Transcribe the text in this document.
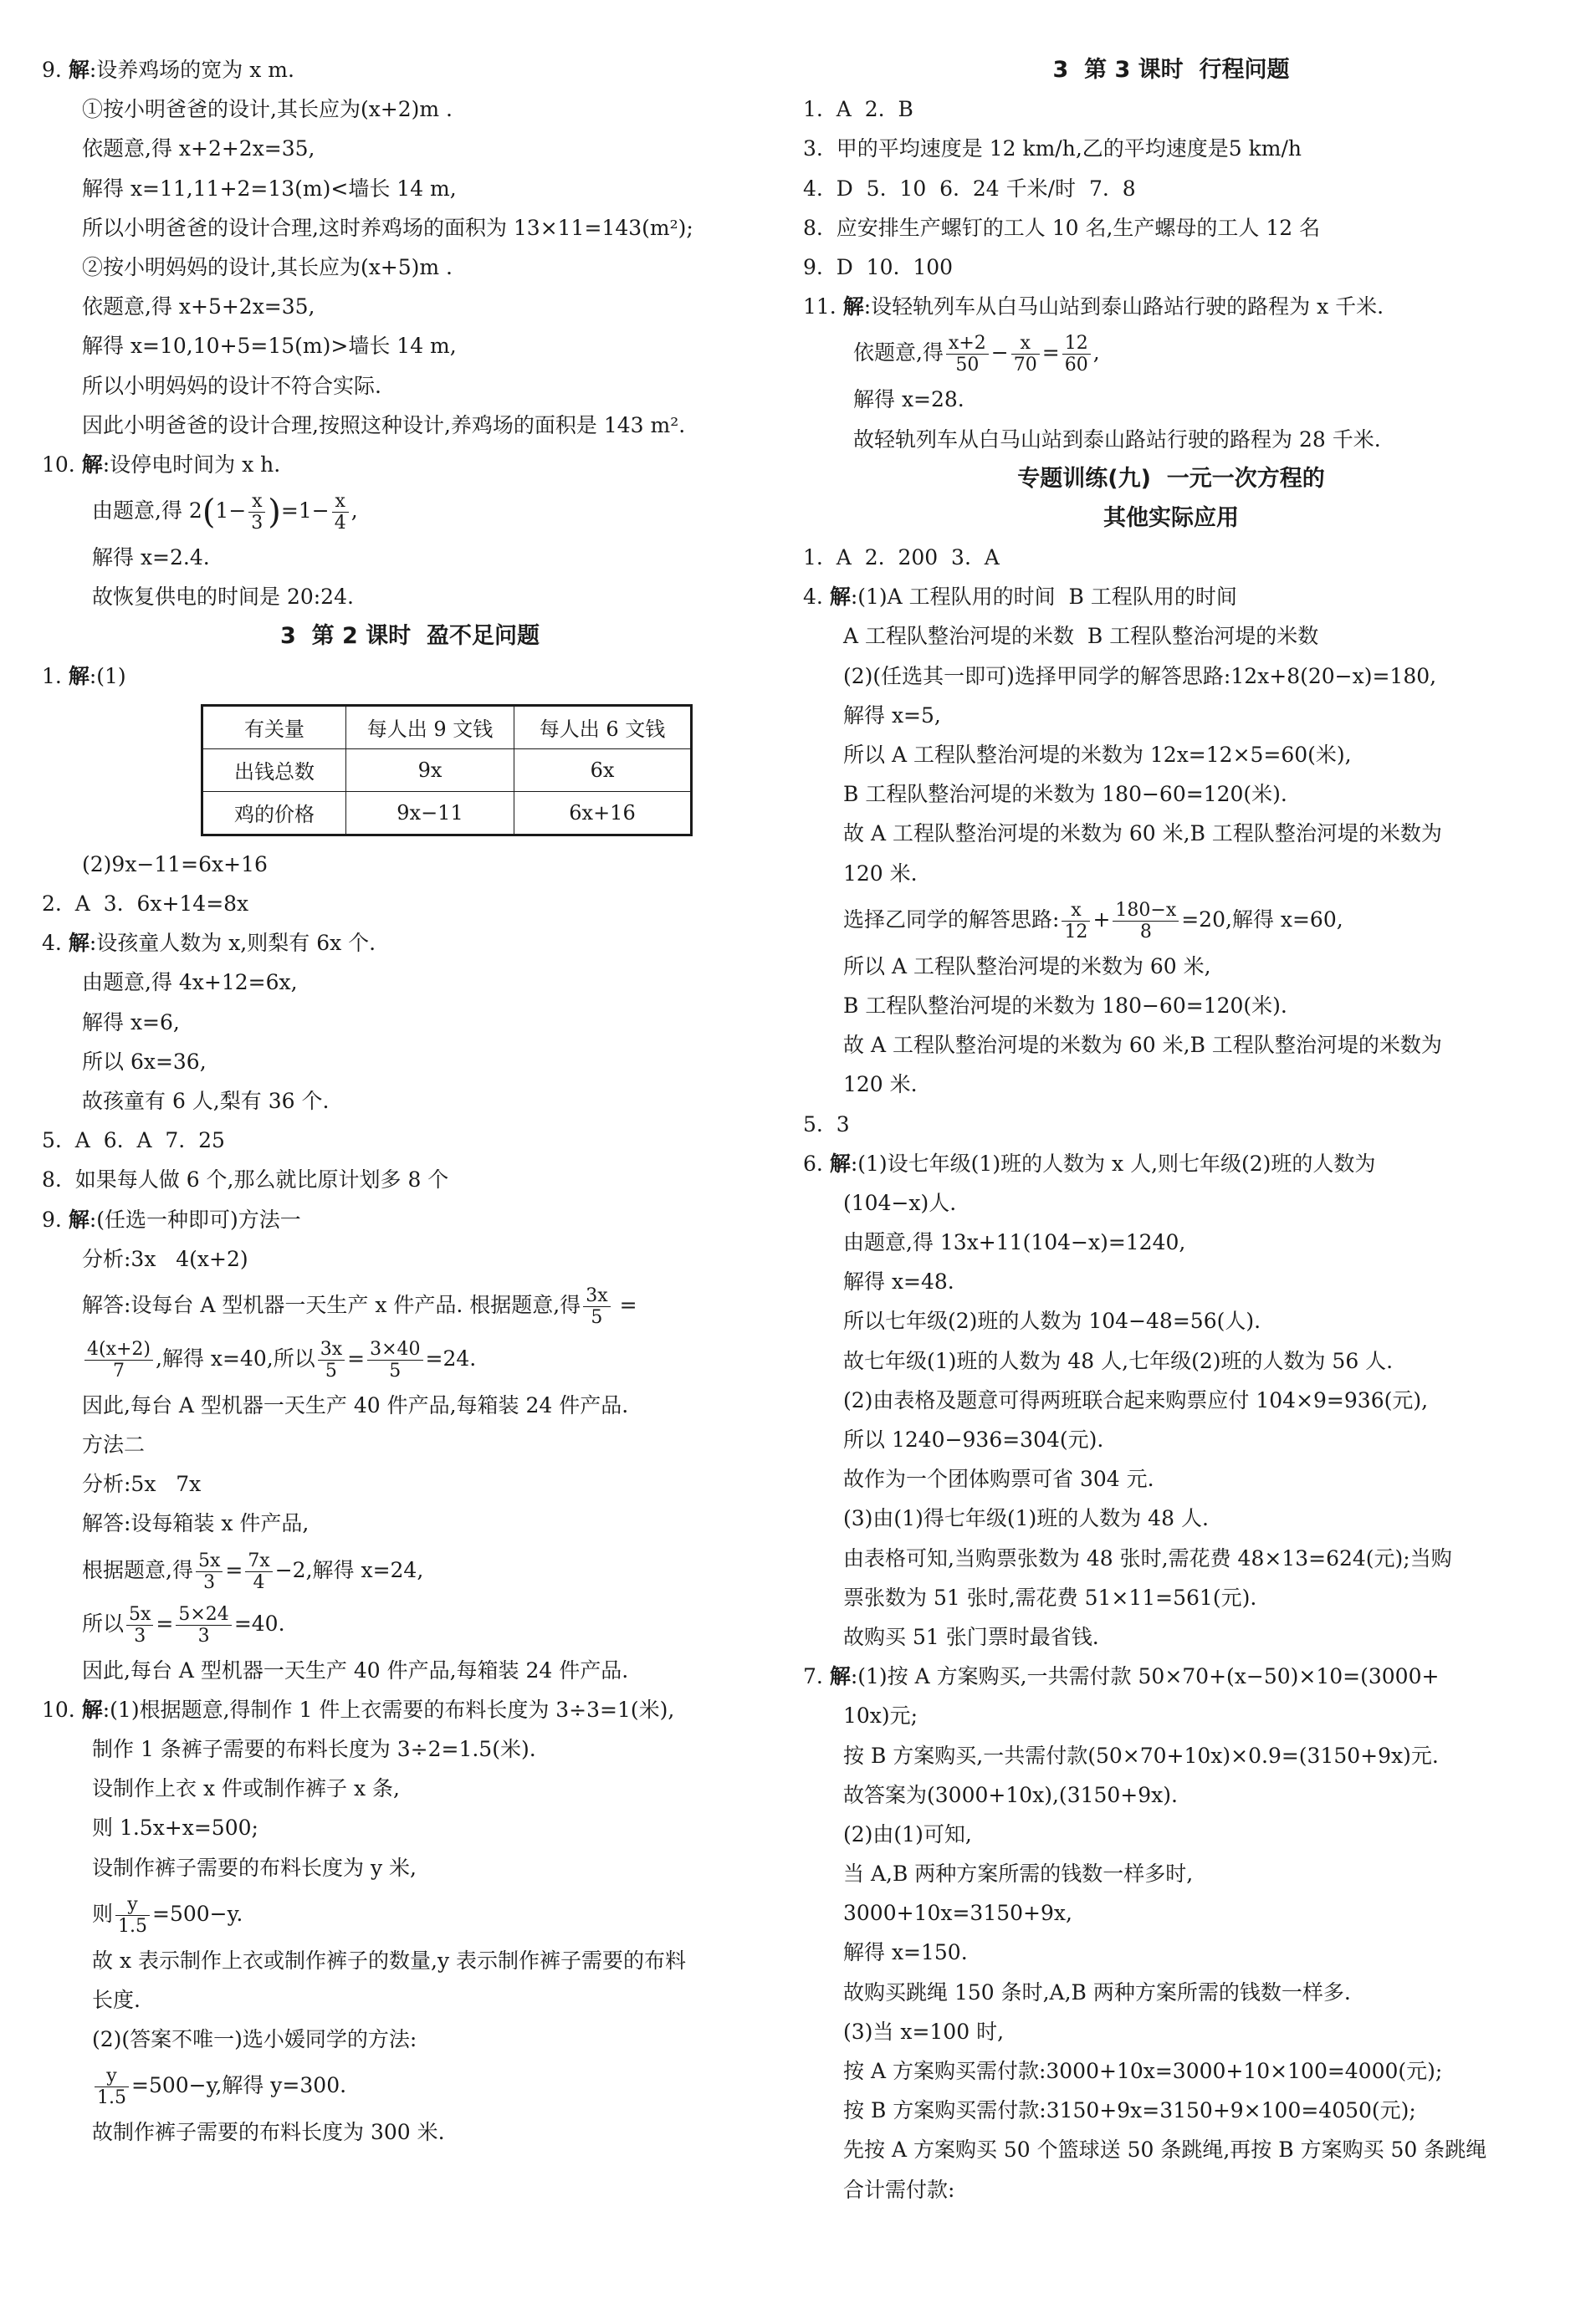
9. 解:设养鸡场的宽为 x m.
①按小明爸爸的设计,其长应为(x+2)m .
依题意,得 x+2+2x=35,
解得 x=11,11+2=13(m)<墙长 14 m,
所以小明爸爸的设计合理,这时养鸡场的面积为 13×11=143(m²);
②按小明妈妈的设计,其长应为(x+5)m .
依题意,得 x+5+2x=35,
解得 x=10,10+5=15(m)>墙长 14 m,
所以小明妈妈的设计不符合实际.
因此小明爸爸的设计合理,按照这种设计,养鸡场的面积是 143 m².
10. 解:设停电时间为 x h.
由题意,得 $2(1- \frac{x}{3} )=1- \frac{x}{4}$ ,
解得 x=2.4.
故恢复供电的时间是 20:24.
3  第 2 课时  盈不足问题
1. 解:(1)
有关量	每人出 9 文钱	每人出 6 文钱
出钱总数	9x	6x
鸡的价格	9x−11	6x+16
(2)9x−11=6x+16
2.  A  3.  6x+14=8x
4. 解:设孩童人数为 x,则梨有 6x 个.
由题意,得 4x+12=6x,
解得 x=6,
所以 6x=36,
故孩童有 6 人,梨有 36 个.
5.  A  6.  A  7.  25
8.  如果每人做 6 个,那么就比原计划多 8 个
9. 解:(任选一种即可)方法一
分析:3x   4(x+2)
解答:设每台 A 型机器一天生产 x 件产品. 根据题意,得 $\frac{3x}{5}$ =
$\frac{4(x+2)}{7}$ ,解得 x=40,所以 $\frac{3x}{5} = \frac{3\times 40}{5} =24$.
因此,每台 A 型机器一天生产 40 件产品,每箱装 24 件产品.
方法二
分析:5x   7x
解答:设每箱装 x 件产品,
根据题意,得 $\frac{5x}{3} = \frac{7x}{4} -2$,解得 x=24,
所以 $\frac{5x}{3} = \frac{5\times 24}{3} =40$.
因此,每台 A 型机器一天生产 40 件产品,每箱装 24 件产品.
10. 解:(1)根据题意,得制作 1 件上衣需要的布料长度为 3÷3=1(米),
制作 1 条裤子需要的布料长度为 3÷2=1.5(米).
设制作上衣 x 件或制作裤子 x 条,
则 1.5x+x=500;
设制作裤子需要的布料长度为 y 米,
则 $\frac{y}{1.5} =500-y$.
故 x 表示制作上衣或制作裤子的数量,y 表示制作裤子需要的布料
长度.
(2)(答案不唯一)选小媛同学的方法:
$\frac{y}{1.5} =500-y$,解得 y=300.
故制作裤子需要的布料长度为 300 米.
3  第 3 课时  行程问题
1.  A  2.  B
3.  甲的平均速度是 12 km/h,乙的平均速度是5 km/h
4.  D  5.  10  6.  24 千米/时  7.  8
8.  应安排生产螺钉的工人 10 名,生产螺母的工人 12 名
9.  D  10.  100
11. 解:设轻轨列车从白马山站到泰山路站行驶的路程为 x 千米.
依题意,得 $\frac{x+2}{50} - \frac{x}{70} = \frac{12}{60}$ ,
解得 x=28.
故轻轨列车从白马山站到泰山路站行驶的路程为 28 千米.
专题训练(九)  一元一次方程的
其他实际应用
1.  A  2.  200  3.  A
4. 解:(1)A 工程队用的时间  B 工程队用的时间
A 工程队整治河堤的米数  B 工程队整治河堤的米数
(2)(任选其一即可)选择甲同学的解答思路:12x+8(20−x)=180,
解得 x=5,
所以 A 工程队整治河堤的米数为 12x=12×5=60(米),
B 工程队整治河堤的米数为 180−60=120(米).
故 A 工程队整治河堤的米数为 60 米,B 工程队整治河堤的米数为
120 米.
选择乙同学的解答思路: $\frac{x}{12} + \frac{180-x}{8} =20$,解得 x=60,
所以 A 工程队整治河堤的米数为 60 米,
B 工程队整治河堤的米数为 180−60=120(米).
故 A 工程队整治河堤的米数为 60 米,B 工程队整治河堤的米数为
120 米.
5.  3
6. 解:(1)设七年级(1)班的人数为 x 人,则七年级(2)班的人数为
(104−x)人.
由题意,得 13x+11(104−x)=1240,
解得 x=48.
所以七年级(2)班的人数为 104−48=56(人).
故七年级(1)班的人数为 48 人,七年级(2)班的人数为 56 人.
(2)由表格及题意可得两班联合起来购票应付 104×9=936(元),
所以 1240−936=304(元).
故作为一个团体购票可省 304 元.
(3)由(1)得七年级(1)班的人数为 48 人.
由表格可知,当购票张数为 48 张时,需花费 48×13=624(元);当购
票张数为 51 张时,需花费 51×11=561(元).
故购买 51 张门票时最省钱.
7. 解:(1)按 A 方案购买,一共需付款 50×70+(x−50)×10=(3000+
10x)元;
按 B 方案购买,一共需付款(50×70+10x)×0.9=(3150+9x)元.
故答案为(3000+10x),(3150+9x).
(2)由(1)可知,
当 A,B 两种方案所需的钱数一样多时,
3000+10x=3150+9x,
解得 x=150.
故购买跳绳 150 条时,A,B 两种方案所需的钱数一样多.
(3)当 x=100 时,
按 A 方案购买需付款:3000+10x=3000+10×100=4000(元);
按 B 方案购买需付款:3150+9x=3150+9×100=4050(元);
先按 A 方案购买 50 个篮球送 50 条跳绳,再按 B 方案购买 50 条跳绳
合计需付款:
